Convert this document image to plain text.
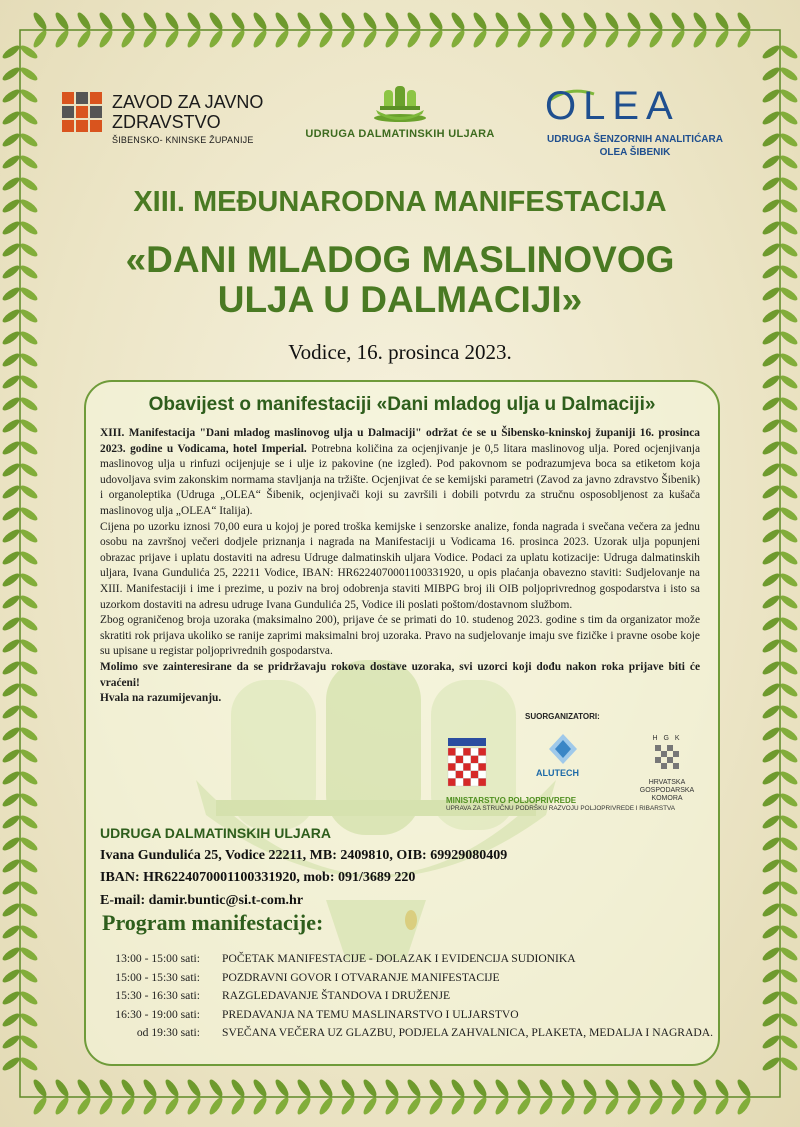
ZAVOD ZA JAVNO
ZDRAVSTVO
ŠIBENSKO- KNINSKE ŽUPANIJE	UDRUGA DALMATINSKIH ULJARA
OLEA
UDRUGA ŠENZORNIH ANALITIĆARA
OLEA ŠIBENIK
XIII. MEĐUNARODNA MANIFESTACIJA
«DANI MLADOG MASLINOVOG
ULJA U DALMACIJI»
Vodice, 16. prosinca 2023.
Obavijest o manifestaciji «Dani mladog ulja u Dalmaciji»

XIII. Manifestacija "Dani mladog maslinovog ulja u Dalmaciji" održat će se u Šibensko-kninskoj županiji 16. prosinca 2023. godine u Vodicama, hotel Imperial. Potrebna količina za ocjenjivanje je 0,5 litara maslinovog ulja. Pored ocjenjivanja maslinovog ulja u rinfuzi ocijenjuje se i ulje iz pakovine (ne izgled). Pod pakovnom se podrazumjeva boca sa etiketom koja udovoljava svim zakonskim normama stavljanja na tržište. Ocjenjivat će se kemijski parametri (Zavod za javno zdravstvo Šibenik) i organoleptika (Udruga „OLEA“ Šibenik, ocjenjivači koji su završili i dobili potvrdu za stručnu osposobljenost za kušača maslinovog ulja „OLEA“ Italija).

Cijena po uzorku iznosi 70,00 eura u kojoj je pored troška kemijske i senzorske analize, fonda nagrada i svečana večera za jednu osobu na završnoj večeri dodjele priznanja i nagrada na Manifestaciji u Vodicama 16. prosinca 2023. Uzorak ulja popunjeni obrazac prijave i uplatu dostaviti na adresu Udruge dalmatinskih uljara Vodice. Podaci za uplatu kotizacije: Udruga dalmatinskih uljara, Ivana Gundulića 25, 22211 Vodice, IBAN: HR6224070001100331920, u opis plaćanja obavezno staviti: Sudjelovanje na XIII. Manifestaciji i ime i prezime, u poziv na broj odobrenja staviti MIBPG broj ili OIB poljoprivrednog gospodarstva i isto sa uzorkom dostaviti na adresu udruge Ivana Gundulića 25, Vodice ili poslati poštom/dostavnom službom.

Zbog ograničenog broja uzoraka (maksimalno 200), prijave će se primati do 10. studenog 2023. godine s tim da organizator može skratiti rok prijava ukoliko se ranije zaprimi maksimalni broj uzoraka. Pravo na sudjelovanje imaju sve fizičke i pravne osobe koje su upisane u registar poljoprivrednih gospodarstva.

Molimo sve zainteresirane da se pridržavaju rokova dostave uzoraka, svi uzorci koji dođu nakon roka prijave biti će vraćeni!

Hvala na razumijevanju.

SUORGANIZATORI:
MINISTARSTVO POLJOPRIVREDE
UPRAVA ZA STRUČNU PODRŠKU RAZVOJU POLJOPRIVREDE I RIBARSTVA
ALUTECH
H G K
HRVATSKA
GOSPODARSKA
KOMORA
UDRUGA DALMATINSKIH ULJARA
Ivana Gundulića 25, Vodice 22211, MB: 2409810, OIB: 69929080409
IBAN: HR6224070001100331920, mob: 091/3689 220
E-mail: damir.buntic@si.t-com.hr
Program manifestacije:
13:00 - 15:00 sati: POČETAK MANIFESTACIJE - DOLAZAK I EVIDENCIJA SUDIONIKA
15:00 - 15:30 sati: POZDRAVNI GOVOR I OTVARANJE MANIFESTACIJE
15:30 - 16:30 sati: RAZGLEDAVANJE ŠTANDOVA I DRUŽENJE
16:30 - 19:00 sati: PREDAVANJA NA TEMU MASLINARSTVO I ULJARSTVO
od 19:30 sati: SVEČANA VEČERA UZ GLAZBU, PODJELA ZAHVALNICA, PLAKETA, MEDALJA I NAGRADA.
